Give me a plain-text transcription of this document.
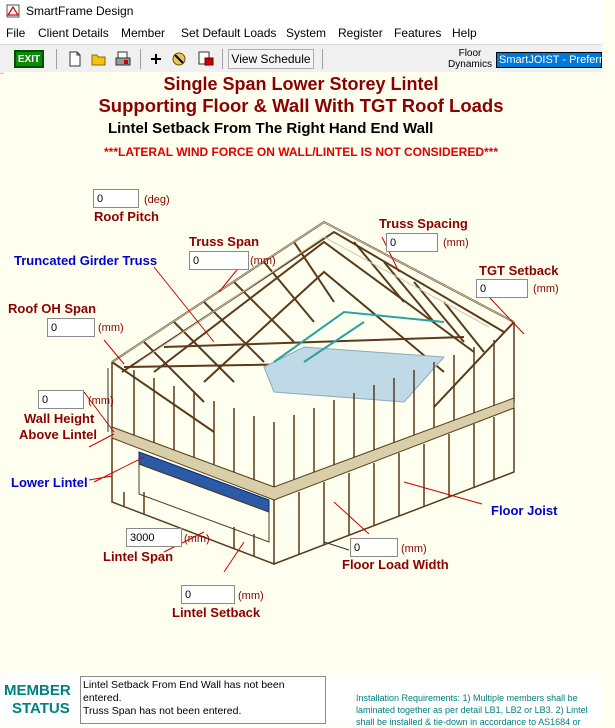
SmartFrame Design
File Client Details Member Set Default Loads System Register Features Help
EXIT	View Schedule	Floor Dynamics SmartJOIST - Preferred
Single Span Lower Storey Lintel
Supporting Floor & Wall With TGT Roof Loads
Lintel Setback From The Right Hand End Wall
***LATERAL WIND FORCE ON WALL/LINTEL IS NOT CONSIDERED***
0
(deg)
Roof Pitch
Truss Span
0
(mm)
Truss Spacing
0
(mm)
Truncated Girder Truss
TGT Setback
0
(mm)
Roof OH Span
0
(mm)
0
(mm)
Wall Height
Above Lintel
Lower Lintel
Floor Joist
3000
(mm)
Lintel Span
0	(mm)
Floor Load Width
0
(mm)
Lintel Setback
MEMBER
STATUS
Lintel Setback From End Wall has not been entered.
Truss Span has not been entered.
Installation Requirements: 1) Multiple members shall be laminated together as per detail LB1, LB2 or LB3. 2) Lintel shall be installed & tie-down in accordance to AS1684 or
